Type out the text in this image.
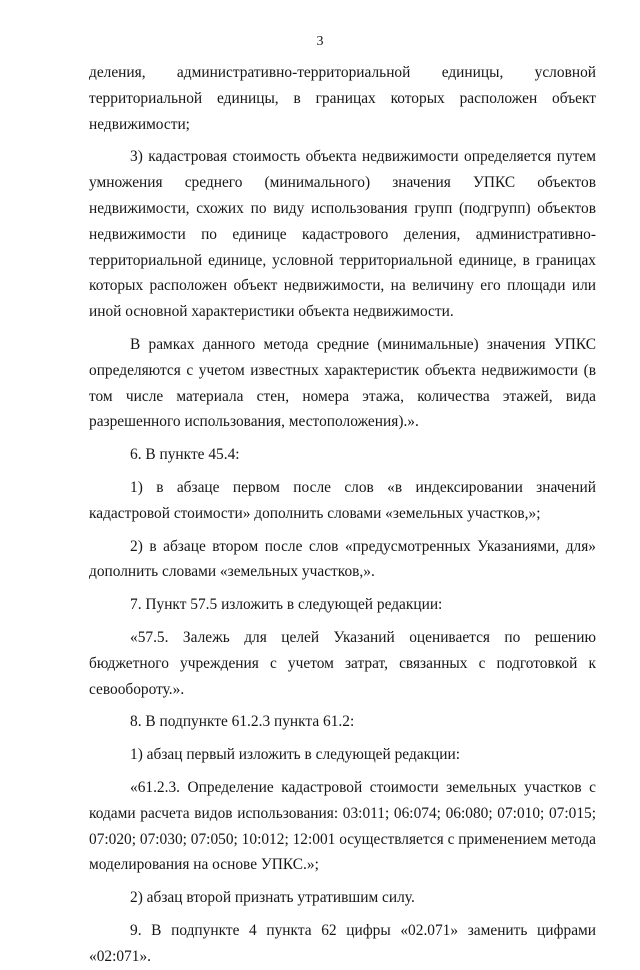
3

деления, административно-территориальной единицы, условной территориальной единицы, в границах которых расположен объект недвижимости;

3) кадастровая стоимость объекта недвижимости определяется путем умножения среднего (минимального) значения УПКС объектов недвижимости, схожих по виду использования групп (подгрупп) объектов недвижимости по единице кадастрового деления, административно-территориальной единице, условной территориальной единице, в границах которых расположен объект недвижимости, на величину его площади или иной основной характеристики объекта недвижимости.

В рамках данного метода средние (минимальные) значения УПКС определяются с учетом известных характеристик объекта недвижимости (в том числе материала стен, номера этажа, количества этажей, вида разрешенного использования, местоположения).».

6. В пункте 45.4:

1) в абзаце первом после слов «в индексировании значений кадастровой стоимости» дополнить словами «земельных участков,»;

2) в абзаце втором после слов «предусмотренных Указаниями, для» дополнить словами «земельных участков,».

7. Пункт 57.5 изложить в следующей редакции:

«57.5. Залежь для целей Указаний оценивается по решению бюджетного учреждения с учетом затрат, связанных с подготовкой к севообороту.».

8. В подпункте 61.2.3 пункта 61.2:

1) абзац первый изложить в следующей редакции:

«61.2.3. Определение кадастровой стоимости земельных участков с кодами расчета видов использования: 03:011; 06:074; 06:080; 07:010; 07:015; 07:020; 07:030; 07:050; 10:012; 12:001 осуществляется с применением метода моделирования на основе УПКС.»;

2) абзац второй признать утратившим силу.

9. В подпункте 4 пункта 62 цифры «02.071» заменить цифрами «02:071».
